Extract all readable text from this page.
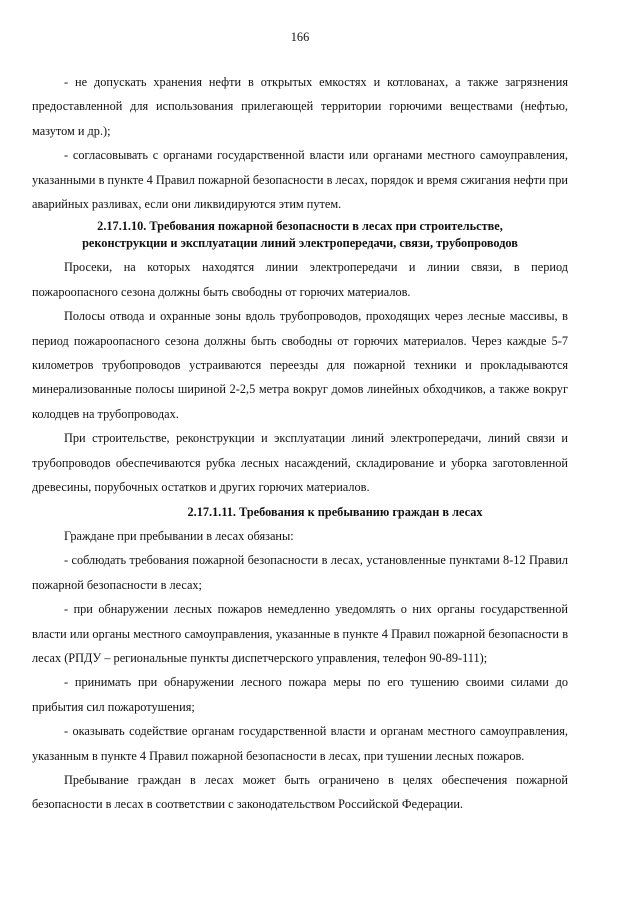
166

- не допускать хранения нефти в открытых емкостях и котлованах, а также загрязнения предоставленной для использования прилегающей территории горючими веществами (нефтью, мазутом и др.);

- согласовывать с органами государственной власти или органами местного самоуправления, указанными в пункте 4 Правил пожарной безопасности в лесах, порядок и время сжигания нефти при аварийных разливах, если они ликвидируются этим путем.

2.17.1.10. Требования пожарной безопасности в лесах при строительстве,
реконструкции и эксплуатации линий электропередачи, связи, трубопроводов

Просеки, на которых находятся линии электропередачи и линии связи, в период пожароопасного сезона должны быть свободны от горючих материалов.

Полосы отвода и охранные зоны вдоль трубопроводов, проходящих через лесные массивы, в период пожароопасного сезона должны быть свободны от горючих материалов. Через каждые 5-7 километров трубопроводов устраиваются переезды для пожарной техники и прокладываются минерализованные полосы шириной 2-2,5 метра вокруг домов линейных обходчиков, а также вокруг колодцев на трубопроводах.

При строительстве, реконструкции и эксплуатации линий электропередачи, линий связи и трубопроводов обеспечиваются рубка лесных насаждений, складирование и уборка заготовленной древесины, порубочных остатков и других горючих материалов.

2.17.1.11. Требования к пребыванию граждан в лесах

Граждане при пребывании в лесах обязаны:

- соблюдать требования пожарной безопасности в лесах, установленные пунктами 8-12 Правил пожарной безопасности в лесах;

- при обнаружении лесных пожаров немедленно уведомлять о них органы государственной власти или органы местного самоуправления, указанные в пункте 4 Правил пожарной безопасности в лесах (РПДУ – региональные пункты диспетчерского управления, телефон 90-89-111);

- принимать при обнаружении лесного пожара меры по его тушению своими силами до прибытия сил пожаротушения;

- оказывать содействие органам государственной власти и органам местного самоуправления, указанным в пункте 4 Правил пожарной безопасности в лесах, при тушении лесных пожаров.

Пребывание граждан в лесах может быть ограничено в целях обеспечения пожарной безопасности в лесах в соответствии с законодательством Российской Федерации.
